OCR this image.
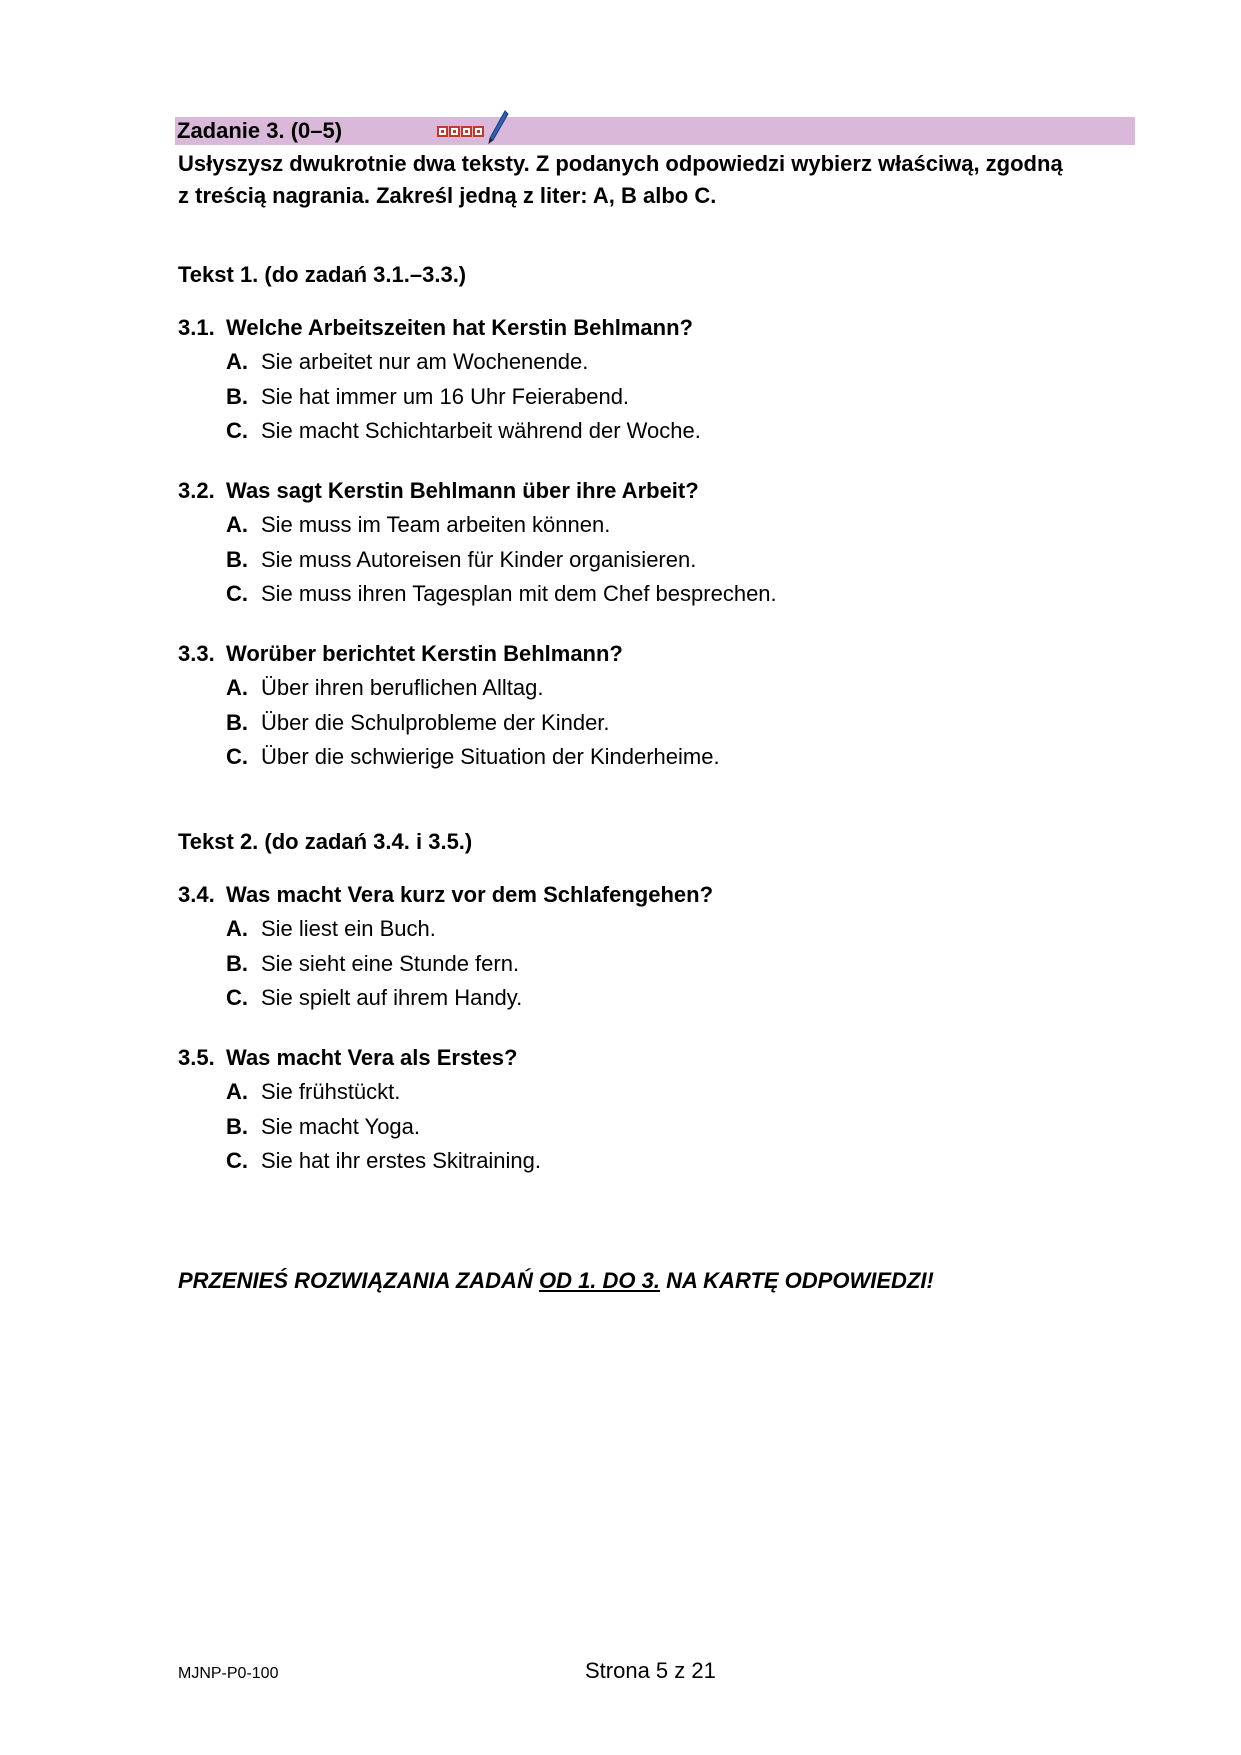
Zadanie 3. (0–5)
Usłyszysz dwukrotnie dwa teksty. Z podanych odpowiedzi wybierz właściwą, zgodną
z treścią nagrania. Zakreśl jedną z liter: A, B albo C.
Tekst 1. (do zadań 3.1.–3.3.)
3.1. Welche Arbeitszeiten hat Kerstin Behlmann?
A. Sie arbeitet nur am Wochenende.
B. Sie hat immer um 16 Uhr Feierabend.
C. Sie macht Schichtarbeit während der Woche.
3.2. Was sagt Kerstin Behlmann über ihre Arbeit?
A. Sie muss im Team arbeiten können.
B. Sie muss Autoreisen für Kinder organisieren.
C. Sie muss ihren Tagesplan mit dem Chef besprechen.
3.3. Worüber berichtet Kerstin Behlmann?
A. Über ihren beruflichen Alltag.
B. Über die Schulprobleme der Kinder.
C. Über die schwierige Situation der Kinderheime.
Tekst 2. (do zadań 3.4. i 3.5.)
3.4. Was macht Vera kurz vor dem Schlafengehen?
A. Sie liest ein Buch.
B. Sie sieht eine Stunde fern.
C. Sie spielt auf ihrem Handy.
3.5. Was macht Vera als Erstes?
A. Sie frühstückt.
B. Sie macht Yoga.
C. Sie hat ihr erstes Skitraining.
PRZENIEŚ ROZWIĄZANIA ZADAŃ OD 1. DO 3. NA KARTĘ ODPOWIEDZI!
MJNP-P0-100	Strona 5 z 21
